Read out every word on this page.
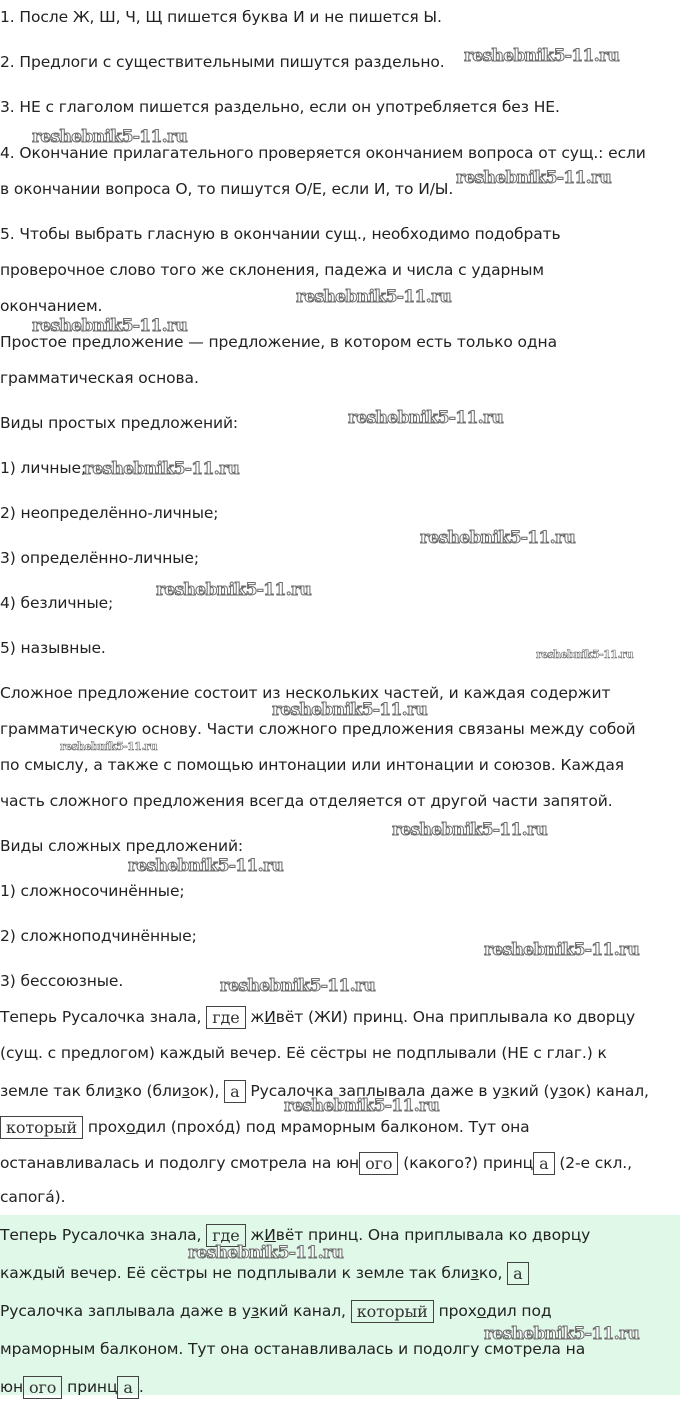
1. После Ж, Ш, Ч, Щ пишется буква И и не пишется Ы.
2. Предлоги с существительными пишутся раздельно.
3. НЕ с глаголом пишется раздельно, если он употребляется без НЕ.
4. Окончание прилагательного проверяется окончанием вопроса от сущ.: если
в окончании вопроса О, то пишутся О/Е, если И, то И/Ы.
5. Чтобы выбрать гласную в окончании сущ., необходимо подобрать
проверочное слово того же склонения, падежа и числа с ударным
окончанием.
Простое предложение — предложение, в котором есть только одна
грамматическая основа.
Виды простых предложений:
1) личные;
2) неопределённо-личные;
3) определённо-личные;
4) безличные;
5) назывные.
Сложное предложение состоит из нескольких частей, и каждая содержит
грамматическую основу. Части сложного предложения связаны между собой
по смыслу, а также с помощью интонации или интонации и союзов. Каждая
часть сложного предложения всегда отделяется от другой части запятой.
Виды сложных предложений:
1) сложносочинённые;
2) сложноподчинённые;
3) бессоюзные.
Теперь Русалочка знала, где жИвёт (ЖИ) принц. Она приплывала ко дворцу
(сущ. с предлогом) каждый вечер. Её сёстры не подплывали (НЕ с глаг.) к
земле так близко (близок), а Русалочка заплывала даже в узкий (узок) канал,
который проходил (прохóд) под мраморным балконом. Тут она
останавливалась и подолгу смотрела на юн ого (какого?) принц а (2-е скл.,
сапогá).
Теперь Русалочка знала, где жИвёт принц. Она приплывала ко дворцу
каждый вечер. Её сёстры не подплывали к земле так близко, а
Русалочка заплывала даже в узкий канал, который проходил под
мраморным балконом. Тут она останавливалась и подолгу смотрела на
юн ого принц а .
reshebnik5-11.ru
reshebnik5-11.ru
reshebnik5-11.ru
reshebnik5-11.ru
reshebnik5-11.ru
reshebnik5-11.ru
reshebnik5-11.ru
reshebnik5-11.ru
reshebnik5-11.ru
reshebnik5-11.ru
reshebnik5-11.ru
reshebnik5-11.ru
reshebnik5-11.ru
reshebnik5-11.ru
reshebnik5-11.ru
reshebnik5-11.ru
reshebnik5-11.ru
reshebnik5-11.ru
reshebnik5-11.ru
